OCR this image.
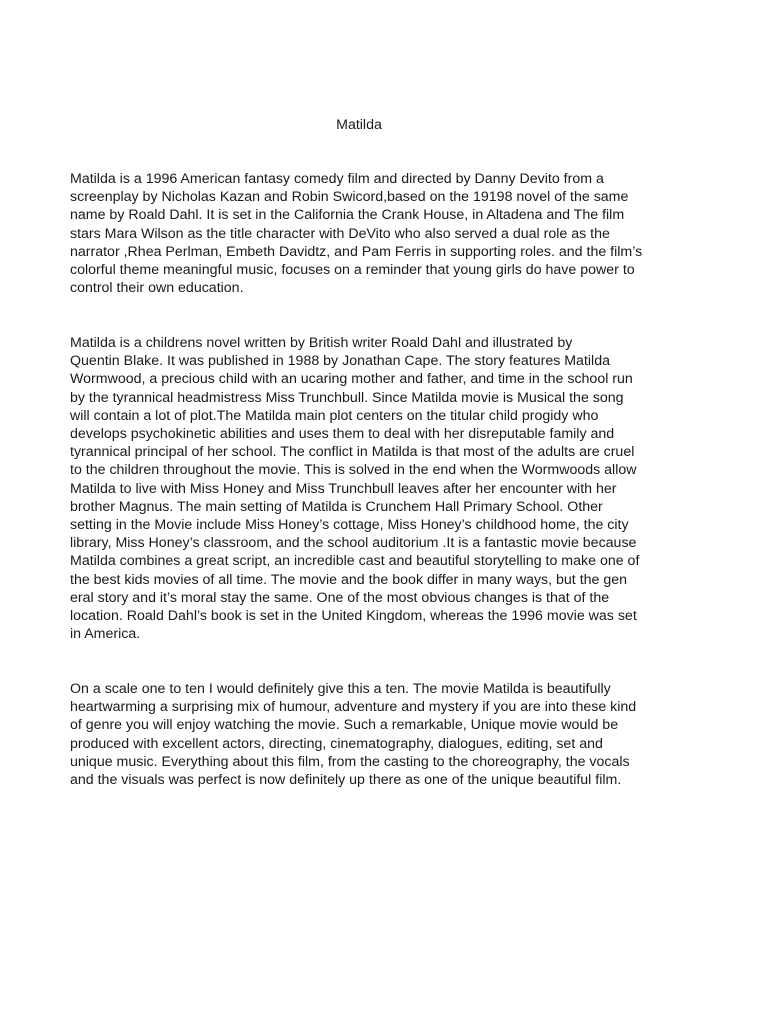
Matilda

Matilda is a 1996 American fantasy comedy film and directed by Danny Devito from a
screenplay by Nicholas Kazan and Robin Swicord,based on the 19198 novel of the same
name by Roald Dahl. It is set in the California the Crank House, in Altadena and The film
stars Mara Wilson as the title character with DeVito who also served a dual role as the
narrator ,Rhea Perlman, Embeth Davidtz, and Pam Ferris in supporting roles. and the film’s
colorful theme meaningful music, focuses on a reminder that young girls do have power to
control their own education.

Matilda is a childrens novel written by British writer Roald Dahl and illustrated by
Quentin Blake. It was published in 1988 by Jonathan Cape. The story features Matilda
Wormwood, a precious child with an ucaring mother and father, and time in the school run
by the tyrannical headmistress Miss Trunchbull. Since Matilda movie is Musical the song
will contain a lot of plot.The Matilda main plot centers on the titular child progidy who
develops psychokinetic abilities and uses them to deal with her disreputable family and
tyrannical principal of her school. The conflict in Matilda is that most of the adults are cruel
to the children throughout the movie. This is solved in the end when the Wormwoods allow
Matilda to live with Miss Honey and Miss Trunchbull leaves after her encounter with her
brother Magnus. The main setting of Matilda is Crunchem Hall Primary School. Other
setting in the Movie include Miss Honey’s cottage, Miss Honey’s childhood home, the city
library, Miss Honey’s classroom, and the school auditorium .It is a fantastic movie because
Matilda combines a great script, an incredible cast and beautiful storytelling to make one of
the best kids movies of all time. The movie and the book differ in many ways, but the gen
eral story and it’s moral stay the same. One of the most obvious changes is that of the
location. Roald Dahl’s book is set in the United Kingdom, whereas the 1996 movie was set
in America.

On a scale one to ten I would definitely give this a ten. The movie Matilda is beautifully
heartwarming a surprising mix of humour, adventure and mystery if you are into these kind
of genre you will enjoy watching the movie. Such a remarkable, Unique movie would be
produced with excellent actors, directing, cinematography, dialogues, editing, set and
unique music. Everything about this film, from the casting to the choreography, the vocals
and the visuals was perfect is now definitely up there as one of the unique beautiful film.
